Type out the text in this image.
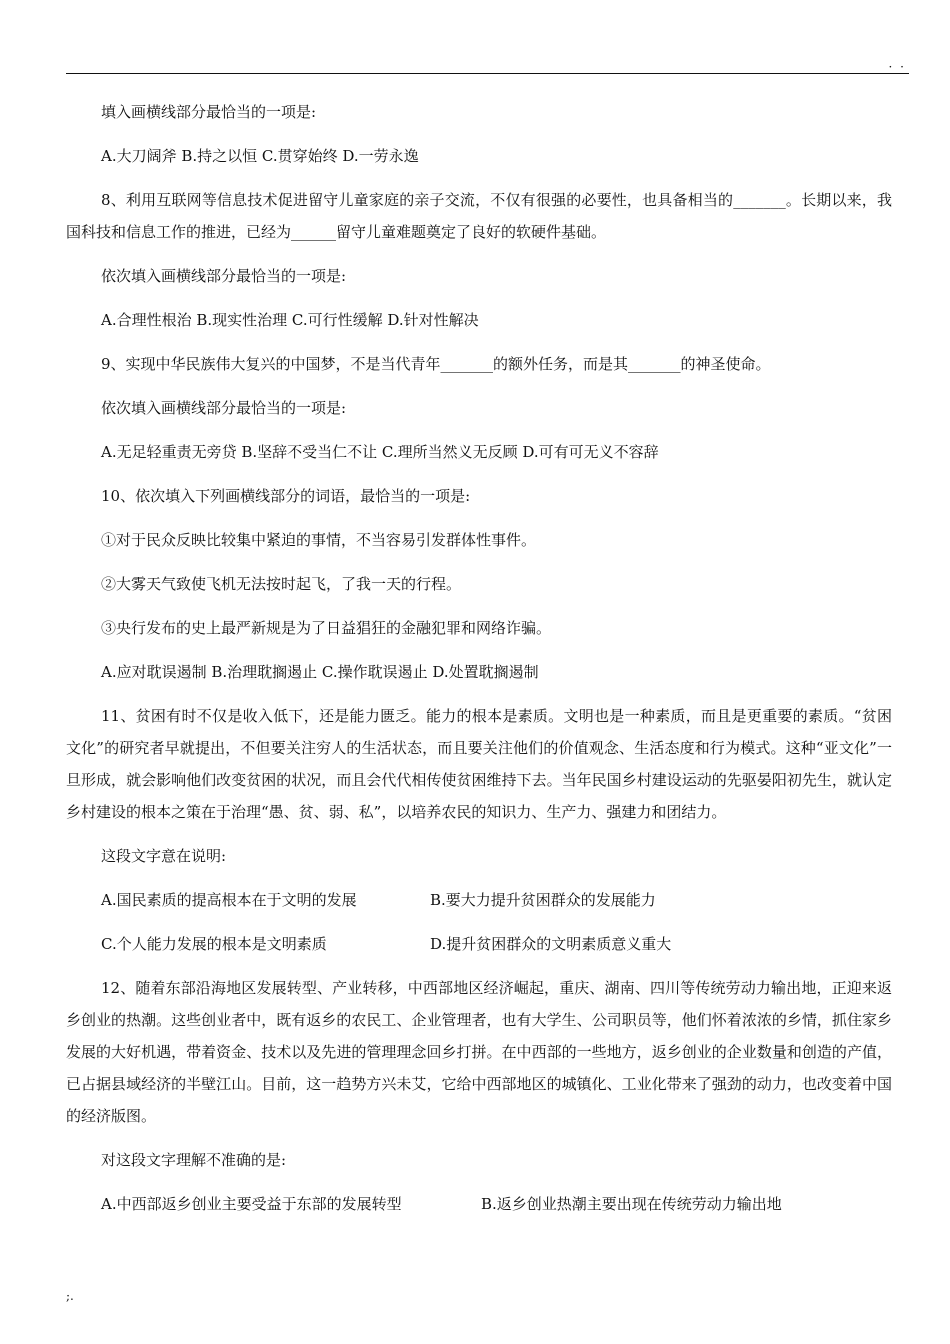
· ·

填入画横线部分最恰当的一项是:

A.大刀阔斧 B.持之以恒 C.贯穿始终 D.一劳永逸

8、利用互联网等信息技术促进留守儿童家庭的亲子交流，不仅有很强的必要性，也具备相当的_______。长期以来，我国科技和信息工作的推进，已经为______留守儿童难题奠定了良好的软硬件基础。

依次填入画横线部分最恰当的一项是:

A.合理性根治 B.现实性治理 C.可行性缓解 D.针对性解决

9、实现中华民族伟大复兴的中国梦，不是当代青年_______的额外任务，而是其_______的神圣使命。

依次填入画横线部分最恰当的一项是:

A.无足轻重责无旁贷 B.坚辞不受当仁不让 C.理所当然义无反顾 D.可有可无义不容辞

10、依次填入下列画横线部分的词语，最恰当的一项是:

①对于民众反映比较集中紧迫的事情，不当容易引发群体性事件。

②大雾天气致使飞机无法按时起飞，了我一天的行程。

③央行发布的史上最严新规是为了日益猖狂的金融犯罪和网络诈骗。

A.应对耽误遏制 B.治理耽搁遏止 C.操作耽误遏止 D.处置耽搁遏制

11、贫困有时不仅是收入低下，还是能力匮乏。能力的根本是素质。文明也是一种素质，而且是更重要的素质。“贫困文化”的研究者早就提出，不但要关注穷人的生活状态，而且要关注他们的价值观念、生活态度和行为模式。这种“亚文化”一旦形成，就会影响他们改变贫困的状况，而且会代代相传使贫困维持下去。当年民国乡村建设运动的先驱晏阳初先生，就认定乡村建设的根本之策在于治理“愚、贫、弱、私”，以培养农民的知识力、生产力、强建力和团结力。

这段文字意在说明:

A.国民素质的提高根本在于文明的发展	B.要大力提升贫困群众的发展能力
C.个人能力发展的根本是文明素质	D.提升贫困群众的文明素质意义重大

12、随着东部沿海地区发展转型、产业转移，中西部地区经济崛起，重庆、湖南、四川等传统劳动力输出地，正迎来返乡创业的热潮。这些创业者中，既有返乡的农民工、企业管理者，也有大学生、公司职员等，他们怀着浓浓的乡情，抓住家乡发展的大好机遇，带着资金、技术以及先进的管理理念回乡打拼。在中西部的一些地方，返乡创业的企业数量和创造的产值，已占据县域经济的半壁江山。目前，这一趋势方兴未艾，它给中西部地区的城镇化、工业化带来了强劲的动力，也改变着中国的经济版图。

对这段文字理解不准确的是:

A.中西部返乡创业主要受益于东部的发展转型	B.返乡创业热潮主要出现在传统劳动力输出地
;.
